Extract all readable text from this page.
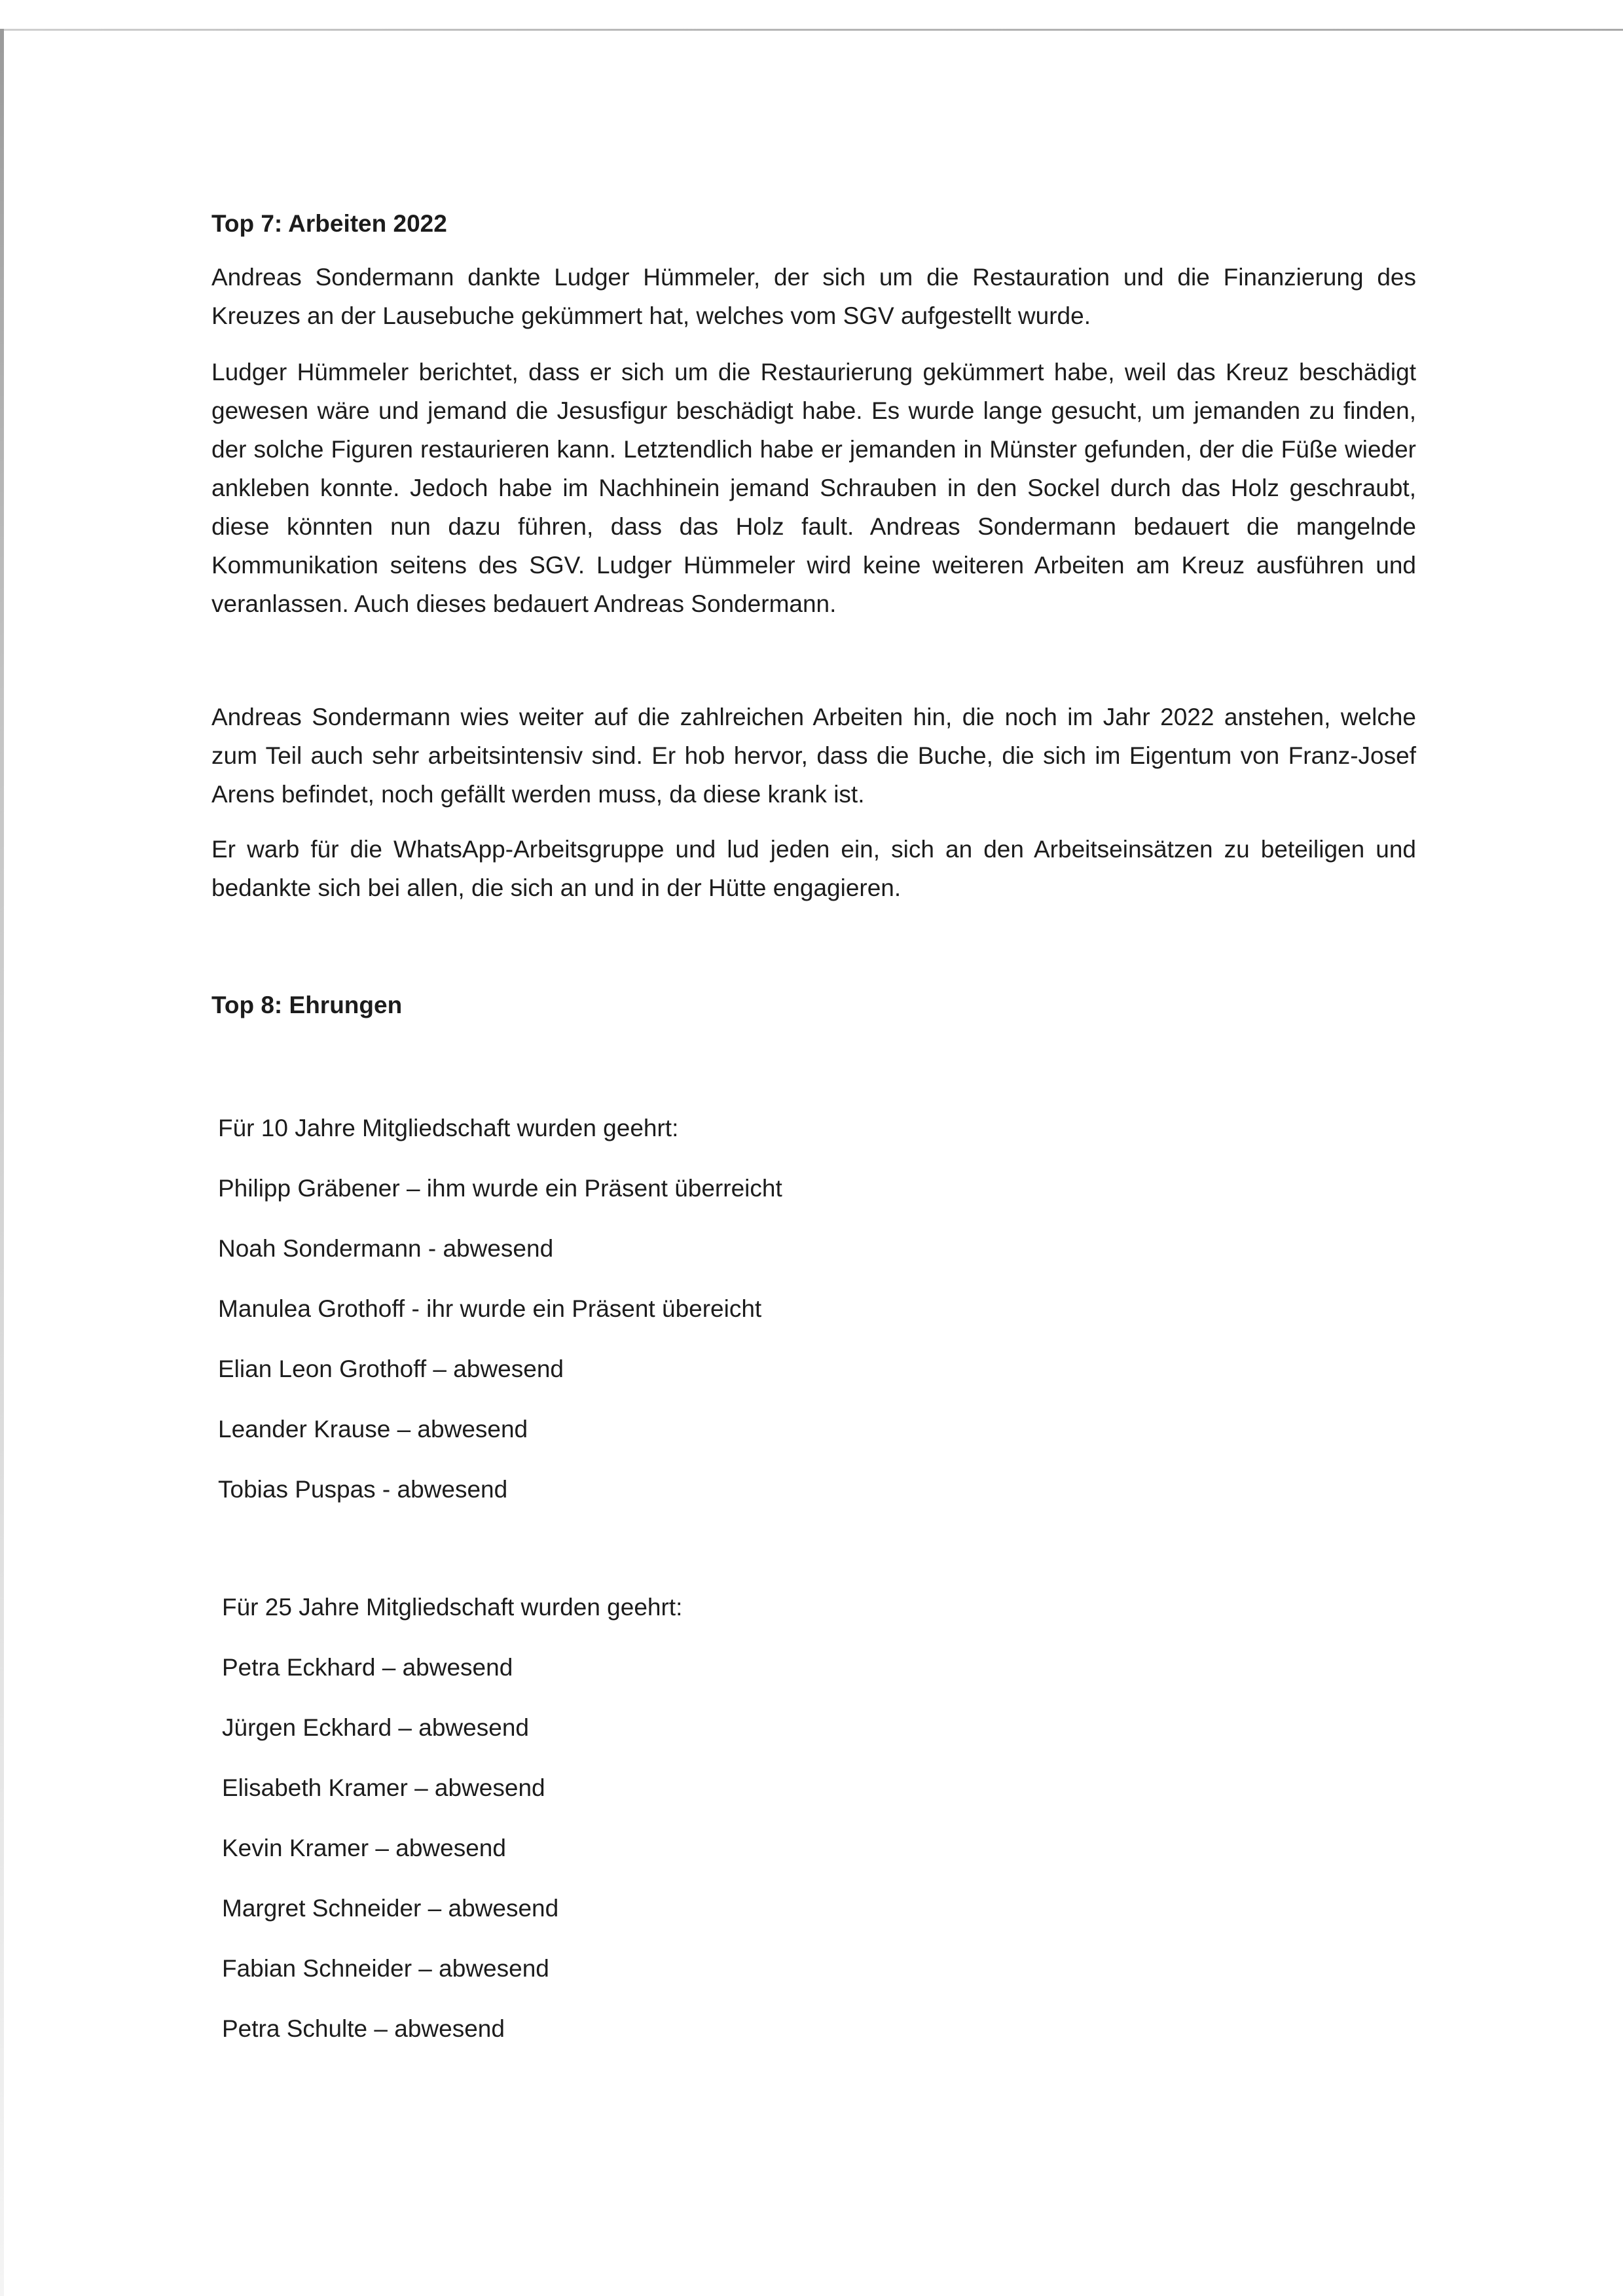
Top 7: Arbeiten 2022

Andreas Sondermann dankte Ludger Hümmeler, der sich um die Restauration und die Finanzierung des Kreuzes an der Lausebuche gekümmert hat, welches vom SGV aufgestellt wurde.

Ludger Hümmeler berichtet, dass er sich um die Restaurierung gekümmert habe, weil das Kreuz beschädigt gewesen wäre und jemand die Jesusfigur beschädigt habe. Es wurde lange gesucht, um jemanden zu finden, der solche Figuren restaurieren kann. Letztendlich habe er jemanden in Münster gefunden, der die Füße wieder ankleben konnte. Jedoch habe im Nachhinein jemand Schrauben in den Sockel durch das Holz geschraubt, diese könnten nun dazu führen, dass das Holz fault. Andreas Sondermann bedauert die mangelnde Kommunikation seitens des SGV. Ludger Hümmeler wird keine weiteren Arbeiten am Kreuz ausführen und veranlassen. Auch dieses bedauert Andreas Sondermann.

Andreas Sondermann wies weiter auf die zahlreichen Arbeiten hin, die noch im Jahr 2022 anstehen, welche zum Teil auch sehr arbeitsintensiv sind. Er hob hervor, dass die Buche, die sich im Eigentum von Franz-Josef Arens befindet, noch gefällt werden muss, da diese krank ist.

Er warb für die WhatsApp-Arbeitsgruppe und lud jeden ein, sich an den Arbeitseinsätzen zu beteiligen und bedankte sich bei allen, die sich an und in der Hütte engagieren.

Top 8: Ehrungen

Für 10 Jahre Mitgliedschaft wurden geehrt:

Philipp Gräbener – ihm wurde ein Präsent überreicht
Noah Sondermann - abwesend
Manulea Grothoff - ihr wurde ein Präsent übereicht
Elian Leon Grothoff – abwesend
Leander Krause – abwesend
Tobias Puspas - abwesend

Für 25 Jahre Mitgliedschaft wurden geehrt:

Petra Eckhard – abwesend
Jürgen Eckhard – abwesend
Elisabeth Kramer – abwesend
Kevin Kramer – abwesend
Margret Schneider – abwesend
Fabian Schneider – abwesend
Petra Schulte – abwesend
